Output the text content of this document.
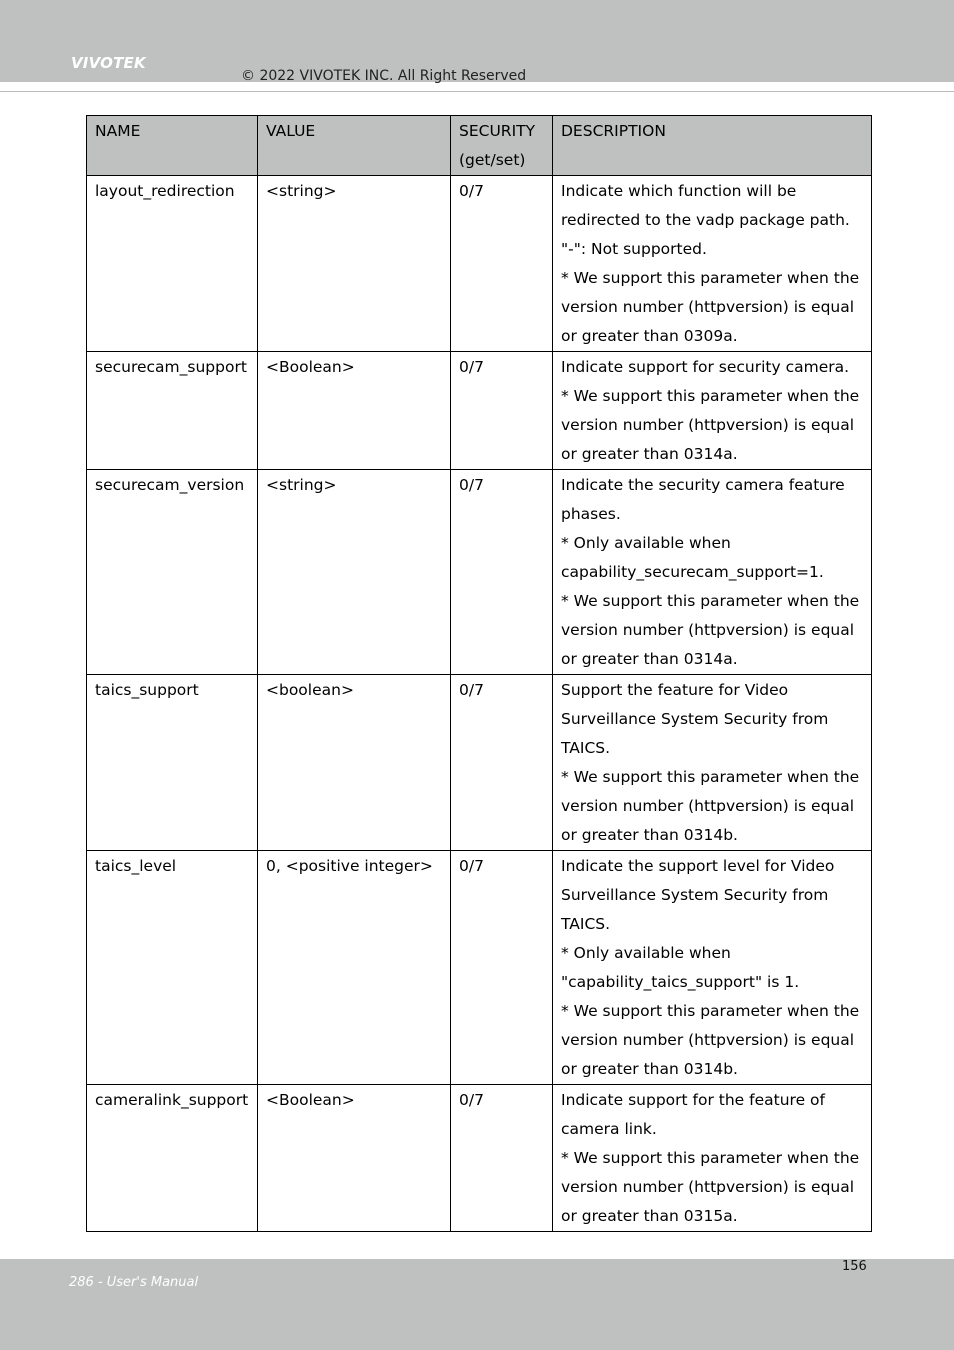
VIVOTEK
© 2022 VIVOTEK INC. All Right Reserved
NAME	VALUE	SECURITY (get/set)	DESCRIPTION
layout_redirection	<string>	0/7	Indicate which function will be redirected to the vadp package path.
"-": Not supported.
* We support this parameter when the version number (httpversion) is equal or greater than 0309a.

securecam_support	<Boolean>	0/7	Indicate support for security camera.
* We support this parameter when the version number (httpversion) is equal or greater than 0314a.

securecam_version	<string>	0/7	Indicate the security camera feature phases.
* Only available when capability_securecam_support=1.
* We support this parameter when the version number (httpversion) is equal or greater than 0314a.

taics_support	<boolean>	0/7	Support the feature for Video Surveillance System Security from TAICS.
* We support this parameter when the version number (httpversion) is equal or greater than 0314b.

taics_level	0, <positive integer>	0/7	Indicate the support level for Video Surveillance System Security from TAICS.
* Only available when "capability_taics_support" is 1.
* We support this parameter when the version number (httpversion) is equal or greater than 0314b.

cameralink_support	<Boolean>	0/7	Indicate support for the feature of camera link.
* We support this parameter when the version number (httpversion) is equal or greater than 0315a.
156
286 - User's Manual
